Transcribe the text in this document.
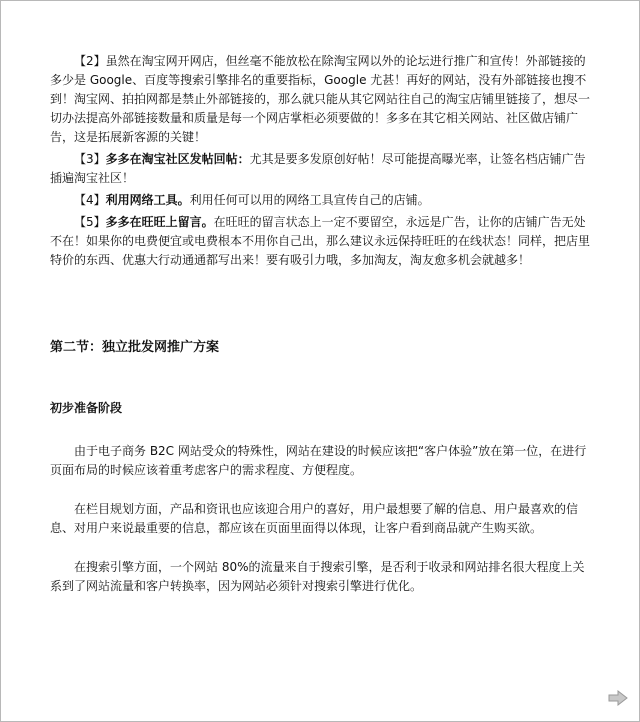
【2】虽然在淘宝网开网店，但丝毫不能放松在除淘宝网以外的论坛进行推广和宣传！外部链接的多少是 Google、百度等搜索引擎排名的重要指标，Google 尤甚！再好的网站，没有外部链接也搜不到！淘宝网、拍拍网都是禁止外部链接的，那么就只能从其它网站往自己的淘宝店铺里链接了，想尽一切办法提高外部链接数量和质量是每一个网店掌柜必须要做的！多多在其它相关网站、社区做店铺广告，这是拓展新客源的关键！

【3】多多在淘宝社区发帖回帖：尤其是要多发原创好帖！尽可能提高曝光率，让签名档店铺广告插遍淘宝社区！

【4】利用网络工具。利用任何可以用的网络工具宣传自己的店铺。

【5】多多在旺旺上留言。在旺旺的留言状态上一定不要留空，永远是广告，让你的店铺广告无处不在！如果你的电费便宜或电费根本不用你自己出，那么建议永远保持旺旺的在线状态！同样，把店里特价的东西、优惠大行动通通都写出来！要有吸引力哦，多加淘友，淘友愈多机会就越多！

第二节：独立批发网推广方案

初步准备阶段

由于电子商务 B2C 网站受众的特殊性，网站在建设的时候应该把“客户体验”放在第一位，在进行页面布局的时候应该着重考虑客户的需求程度、方便程度。

在栏目规划方面，产品和资讯也应该迎合用户的喜好，用户最想要了解的信息、用户最喜欢的信息、对用户来说最重要的信息，都应该在页面里面得以体现，让客户看到商品就产生购买欲。

在搜索引擎方面，一个网站 80%的流量来自于搜索引擎，是否利于收录和网站排名很大程度上关系到了网站流量和客户转换率，因为网站必须针对搜索引擎进行优化。
